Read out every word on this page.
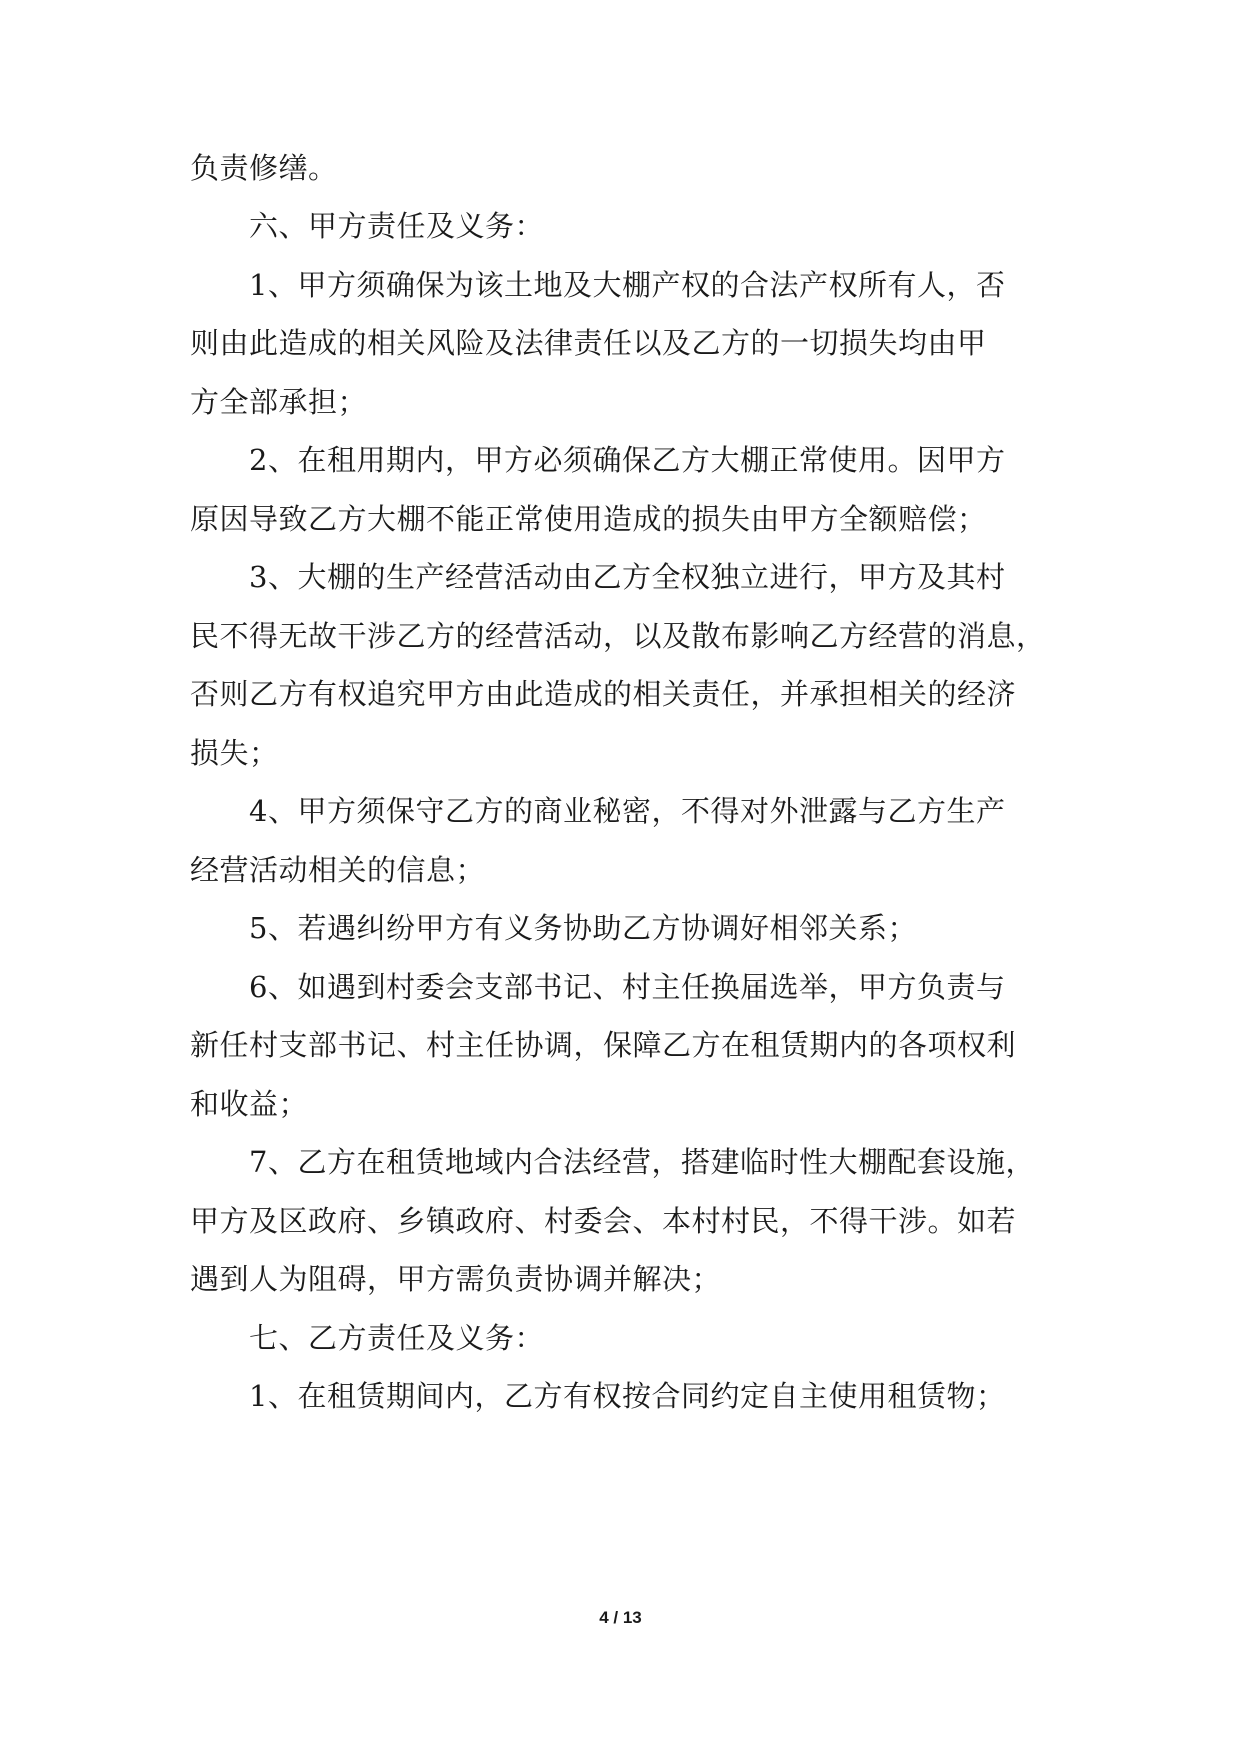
负责修缮。
六、甲方责任及义务：
1、甲方须确保为该土地及大棚产权的合法产权所有人，否
则由此造成的相关风险及法律责任以及乙方的一切损失均由甲
方全部承担；
2、在租用期内，甲方必须确保乙方大棚正常使用。因甲方
原因导致乙方大棚不能正常使用造成的损失由甲方全额赔偿；
3、大棚的生产经营活动由乙方全权独立进行，甲方及其村
民不得无故干涉乙方的经营活动，以及散布影响乙方经营的消息，
否则乙方有权追究甲方由此造成的相关责任，并承担相关的经济
损失；
4、甲方须保守乙方的商业秘密，不得对外泄露与乙方生产
经营活动相关的信息；
5、若遇纠纷甲方有义务协助乙方协调好相邻关系；
6、如遇到村委会支部书记、村主任换届选举，甲方负责与
新任村支部书记、村主任协调，保障乙方在租赁期内的各项权利
和收益；
7、乙方在租赁地域内合法经营，搭建临时性大棚配套设施，
甲方及区政府、乡镇政府、村委会、本村村民，不得干涉。如若
遇到人为阻碍，甲方需负责协调并解决；
七、乙方责任及义务：
1、在租赁期间内，乙方有权按合同约定自主使用租赁物；
4 / 13
